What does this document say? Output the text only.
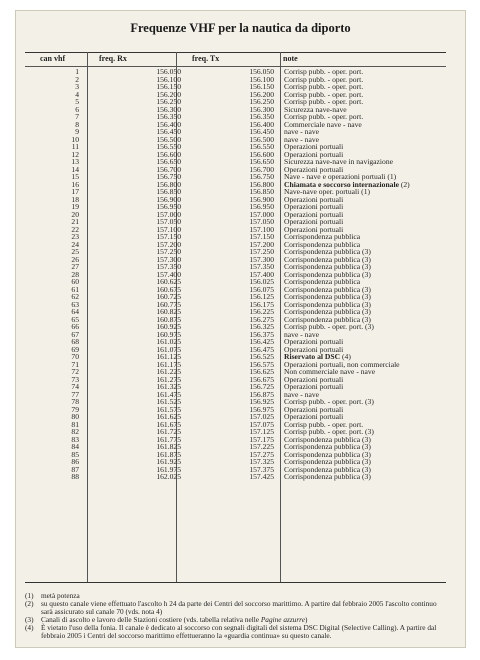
Frequenze VHF per la nautica da diporto
can vhf	freq. Rx	freq. Tx	note
1	156.050	156.050 Corrisp pubb. - oper. port.
2	156.100	156.100 Corrisp pubb. - oper. port.
3	156.150	156.150 Corrisp pubb. - oper. port.
4	156.200	156.200 Corrisp pubb. - oper. port.
5	156.250	156.250 Corrisp pubb. - oper. port.
6	156.300	156.300 Sicurezza nave-nave
7	156.350	156.350 Corrisp pubb. - oper. port.
8	156.400	156.400 Commerciale nave - nave
9	156.450	156.450 nave - nave
10	156.500	156.500 nave - nave
11	156.550	156.550 Operazioni portuali
12	156.600	156.600 Operazioni portuali
13	156.650	156.650 Sicurezza nave-nave in navigazione
14	156.700	156.700 Operazioni portuali
15	156.750	156.750 Nave - nave e operazioni portuali (1)
16	156.800	156.800 Chiamata e soccorso internazionale (2)
17	156.850	156.850 Nave-nave oper. portuali (1)
18	156.900	156.900 Operazioni portuali
19	156.950	156.950 Operazioni portuali
20	157.000	157.000 Operazioni portuali
21	157.050	157.050 Operazioni portuali
22	157.100	157.100 Operazioni portuali
23	157.150	157.150 Corrispondenza pubblica
24	157.200	157.200 Corrispondenza pubblica
25	157.250	157.250 Corrispondenza pubblica (3)
26	157.300	157.300 Corrispondenza pubblica (3)
27	157.350	157.350 Corrispondenza pubblica (3)
28	157.400	157.400 Corrispondenza pubblica (3)
60	160.625	156.025 Corrispondenza pubblica
61	160.675	156.075 Corrispondenza pubblica (3)
62	160.725	156.125 Corrispondenza pubblica (3)
63	160.775	156.175 Corrispondenza pubblica (3)
64	160.825	156.225 Corrispondenza pubblica (3)
65	160.875	156.275 Corrispondenza pubblica (3)
66	160.925	156.325 Corrisp pubb. - oper. port. (3)
67	160.975	156.375 nave - nave
68	161.025	156.425 Operazioni portuali
69	161.075	156.475 Operazioni portuali
70	161.125	156.525 Riservato al DSC (4)
71	161.175	156.575 Operazioni portuali, non commerciale
72	161.225	156.625 Non commerciale nave - nave
73	161.275	156.675 Operazioni portuali
74	161.325	156.725 Operazioni portuali
77	161.475	156.875 nave - nave
78	161.525	156.925 Corrisp pubb. - oper. port. (3)
79	161.575	156.975 Operazioni portuali
80	161.625	157.025 Operazioni portuali
81	161.675	157.075 Corrisp pubb. - oper. port.
82	161.725	157.125 Corrisp pubb. - oper. port. (3)
83	161.775	157.175 Corrispondenza pubblica (3)
84	161.825	157.225 Corrispondenza pubblica (3)
85	161.875	157.275 Corrispondenza pubblica (3)
86	161.925	157.325 Corrispondenza pubblica (3)
87	161.975	157.375 Corrispondenza pubblica (3)
88	162.025	157.425 Corrispondenza pubblica (3)
(1) metà potenza
(2) su questo canale viene effettuato l'ascolto h 24 da parte dei Centri del soccorso marittimo. A partire dal febbraio 2005 l'ascolto continuo sarà assicurato sul canale 70 (vds. nota 4)
(3) Canali di ascolto e lavoro delle Stazioni costiere (vds. tabella relativa nelle Pagine azzurre)
(4) È vietato l'uso della fonia. Il canale è dedicato al soccorso con segnali digitali del sistema DSC Digital (Selective Calling). A partire dal febbraio 2005 i Centri del soccorso marittimo effettueranno la «guardia continua» su questo canale.
